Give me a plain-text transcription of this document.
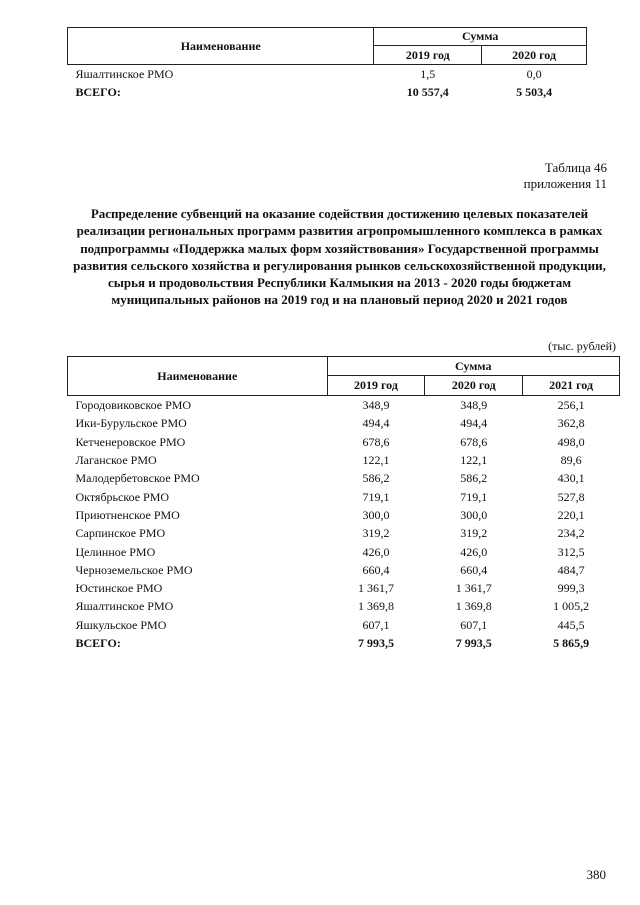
Наименование	Сумма	
	2019 год	2020 год
Яшалтинское РМО	1,5	0,0
ВСЕГО:	10 557,4	5 503,4
Таблица 46
приложения 11
Распределение субвенций на оказание содействия достижению целевых показателей реализации региональных программ развития агропромышленного комплекса в рамках подпрограммы «Поддержка малых форм хозяйствования» Государственной программы развития сельского хозяйства и регулирования рынков сельскохозяйственной продукции, сырья и продовольствия Республики Калмыкия на 2013 - 2020 годы бюджетам муниципальных районов на 2019 год и на плановый период 2020 и 2021 годов
(тыс. рублей)
Наименование	Сумма		
	2019 год	2020 год	2021 год
Городовиковское РМО	348,9	348,9	256,1
Ики-Бурульское РМО	494,4	494,4	362,8
Кетченеровское РМО	678,6	678,6	498,0
Лаганское РМО	122,1	122,1	89,6
Малодербетовское РМО	586,2	586,2	430,1
Октябрьское РМО	719,1	719,1	527,8
Приютненское РМО	300,0	300,0	220,1
Сарпинское РМО	319,2	319,2	234,2
Целинное РМО	426,0	426,0	312,5
Черноземельское РМО	660,4	660,4	484,7
Юстинское РМО	1 361,7	1 361,7	999,3
Яшалтинское РМО	1 369,8	1 369,8	1 005,2
Яшкульское РМО	607,1	607,1	445,5
ВСЕГО:	7 993,5	7 993,5	5 865,9
380
